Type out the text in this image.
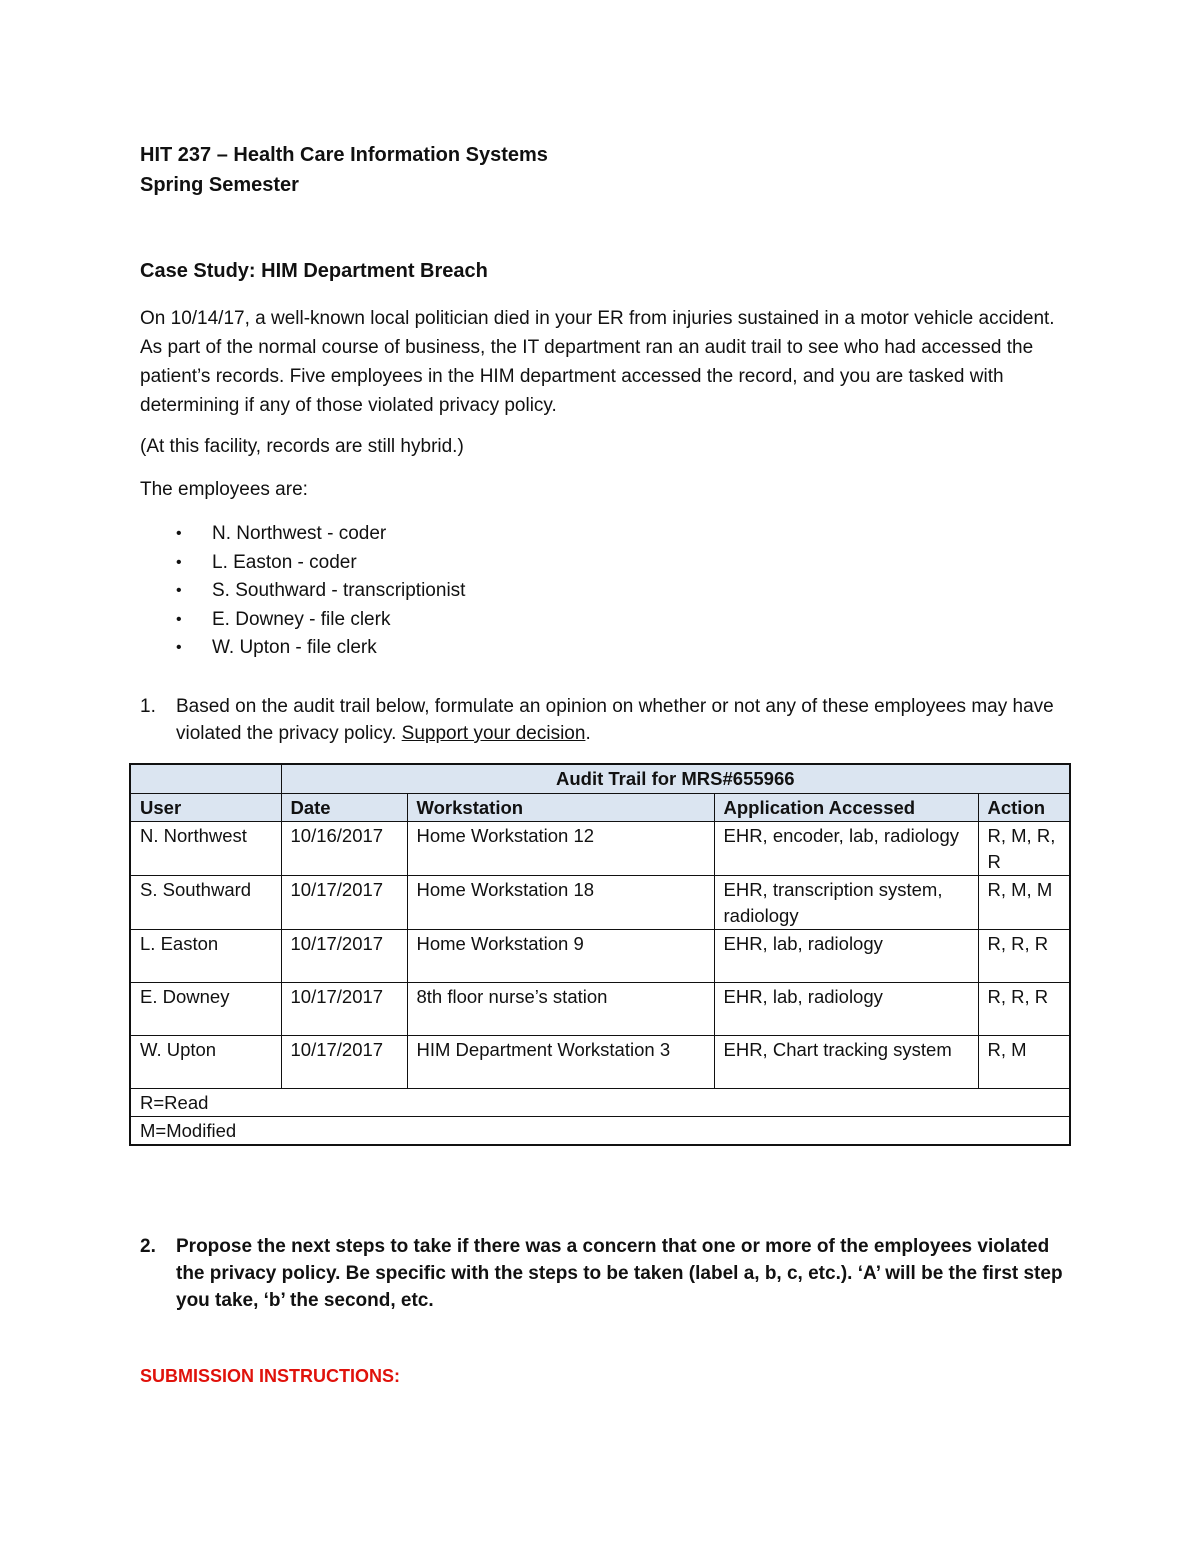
HIT 237 – Health Care Information Systems

Spring Semester

Case Study: HIM Department Breach

On 10/14/17, a well-known local politician died in your ER from injuries sustained in a motor vehicle accident. As part of the normal course of business, the IT department ran an audit trail to see who had accessed the patient’s records. Five employees in the HIM department accessed the record, and you are tasked with determining if any of those violated privacy policy.

(At this facility, records are still hybrid.)

The employees are:

• N. Northwest - coder
• L. Easton - coder
• S. Southward - transcriptionist
• E. Downey - file clerk
• W. Upton - file clerk
1.	Based on the audit trail below, formulate an opinion on whether or not any of these employees may have violated the privacy policy. Support your decision.
	Audit Trail for MRS#655966			
User	Date	Workstation	Application Accessed	Action
N. Northwest	10/16/2017	Home Workstation 12	EHR, encoder, lab, radiology	R, M, R, R
S. Southward	10/17/2017	Home Workstation 18	EHR, transcription system, radiology	R, M, M
L. Easton	10/17/2017	Home Workstation 9	EHR, lab, radiology	R, R, R
E. Downey	10/17/2017	8th floor nurse’s station	EHR, lab, radiology	R, R, R
W. Upton	10/17/2017	HIM Department Workstation 3	EHR, Chart tracking system	R, M
R=Read				
M=Modified				
2.	Propose the next steps to take if there was a concern that one or more of the employees violated the privacy policy. Be specific with the steps to be taken (label a, b, c, etc.). ‘A’ will be the first step you take, ‘b’ the second, etc.

SUBMISSION INSTRUCTIONS:
